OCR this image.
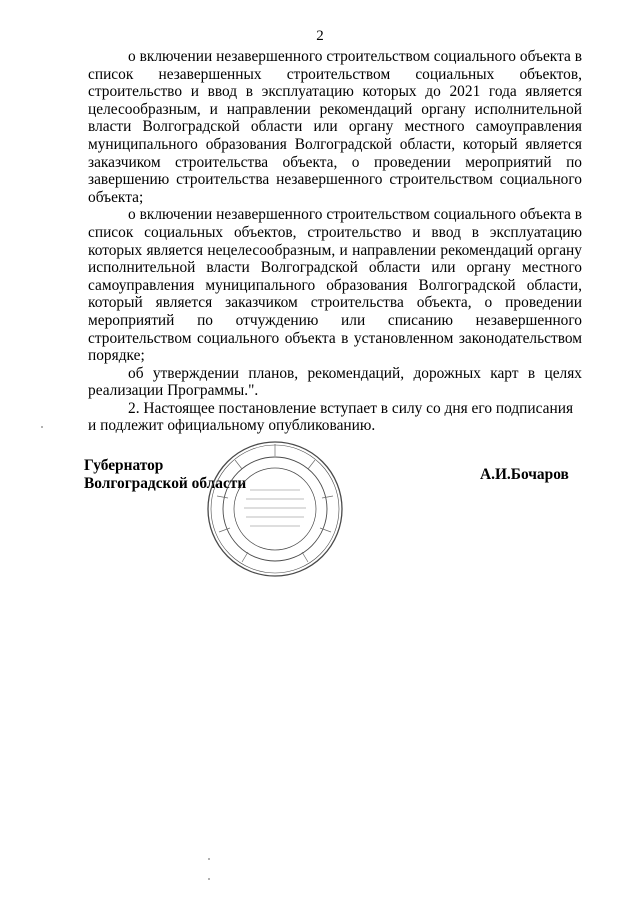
2

о включении незавершенного строительством социального объекта в список незавершенных строительством социальных объектов, строительство и ввод в эксплуатацию которых до 2021 года является целесообразным, и направлении рекомендаций органу исполнительной власти Волгоградской области или органу местного самоуправления муниципального образования Волгоградской области, который является заказчиком строительства объекта, о проведении мероприятий по завершению строительства незавершенного строительством социального объекта;

о включении незавершенного строительством социального объекта в список социальных объектов, строительство и ввод в эксплуатацию которых является нецелесообразным, и направлении рекомендаций органу исполнительной власти Волгоградской области или органу местного самоуправления муниципального образования Волгоградской области, который является заказчиком строительства объекта, о проведении мероприятий по отчуждению или списанию незавершенного строительством социального объекта в установленном законодательством порядке;

об утверждении планов, рекомендаций, дорожных карт в целях реализации Программы.".

2. Настоящее постановление вступает в силу со дня его подписания и подлежит официальному опубликованию.

Губернатор
Волгоградской области	А.И.Бочаров
